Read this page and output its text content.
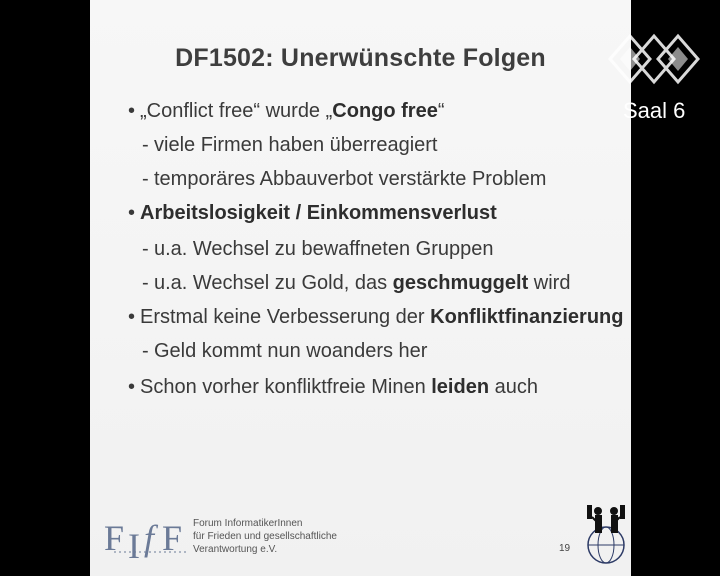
DF1502: Unerwünschte Folgen
• „Conflict free“ wurde „Congo free“
- viele Firmen haben überreagiert
- temporäres Abbauverbot verstärkte Problem
• Arbeitslosigkeit / Einkommensverlust
- u.a. Wechsel zu bewaffneten Gruppen
- u.a. Wechsel zu Gold, das geschmuggelt wird
• Erstmal keine Verbesserung der Konfliktfinanzierung
- Geld kommt nun woanders her
• Schon vorher konfliktfreie Minen leiden auch
F I f F Forum InformatikerInnen
für Frieden und gesellschaftliche
Verantwortung e.V.	19
Saal 6
